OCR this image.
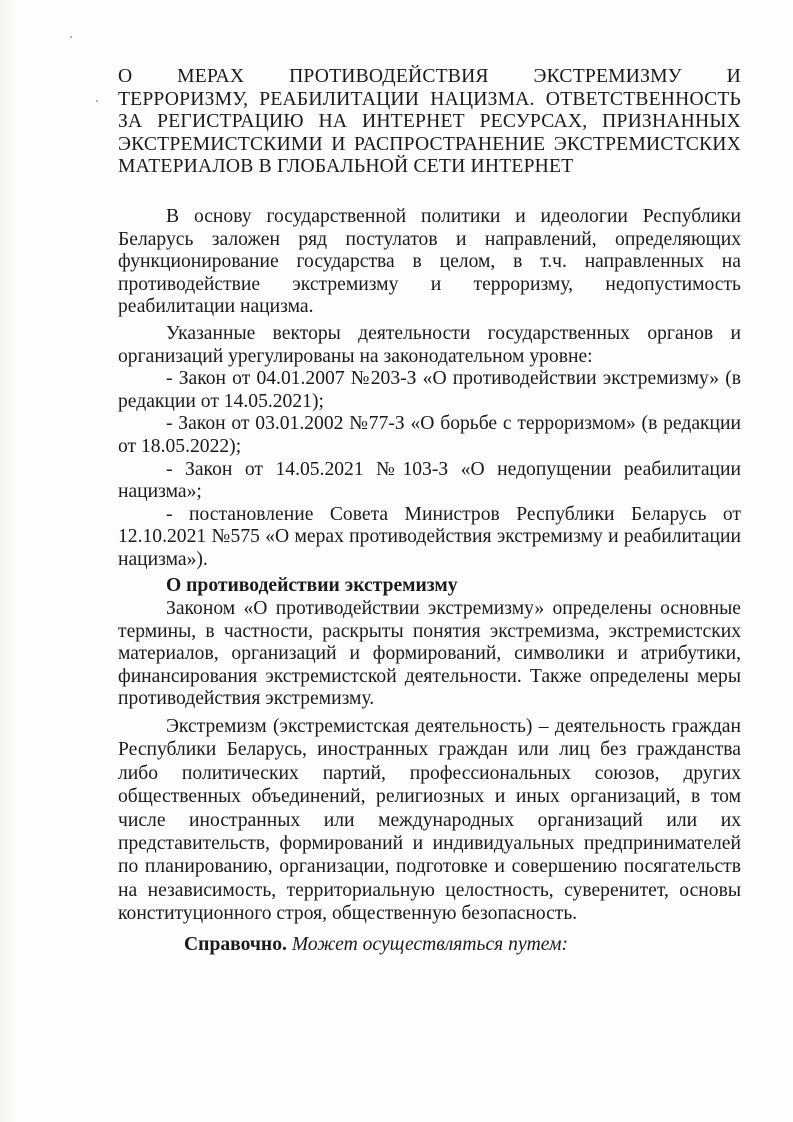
О МЕРАХ ПРОТИВОДЕЙСТВИЯ ЭКСТРЕМИЗМУ И
ТЕРРОРИЗМУ, РЕАБИЛИТАЦИИ НАЦИЗМА. ОТВЕТСТВЕННОСТЬ
ЗА РЕГИСТРАЦИЮ НА ИНТЕРНЕТ РЕСУРСАХ, ПРИЗНАННЫХ
ЭКСТРЕМИСТСКИМИ И РАСПРОСТРАНЕНИЕ ЭКСТРЕМИСТСКИХ
МАТЕРИАЛОВ В ГЛОБАЛЬНОЙ СЕТИ ИНТЕРНЕТ

В основу государственной политики и идеологии Республики Беларусь заложен ряд постулатов и направлений, определяющих функционирование государства в целом, в т.ч. направленных на противодействие экстремизму и терроризму, недопустимость реабилитации нацизма.

Указанные векторы деятельности государственных органов и организаций урегулированы на законодательном уровне:

- Закон от 04.01.2007 №203-З «О противодействии экстремизму» (в редакции от 14.05.2021);

- Закон от 03.01.2002 №77-З «О борьбе с терроризмом» (в редакции от 18.05.2022);

- Закон от 14.05.2021 №103-З «О недопущении реабилитации нацизма»;

- постановление Совета Министров Республики Беларусь от 12.10.2021 №575 «О мерах противодействия экстремизму и реабилитации нацизма»).

О противодействии экстремизму

Законом «О противодействии экстремизму» определены основные термины, в частности, раскрыты понятия экстремизма, экстремистских материалов, организаций и формирований, символики и атрибутики, финансирования экстремистской деятельности. Также определены меры противодействия экстремизму.

Экстремизм (экстремистская деятельность) – деятельность граждан Республики Беларусь, иностранных граждан или лиц без гражданства либо политических партий, профессиональных союзов, других общественных объединений, религиозных и иных организаций, в том числе иностранных или международных организаций или их представительств, формирований и индивидуальных предпринимателей по планированию, организации, подготовке и совершению посягательств на независимость, территориальную целостность, суверенитет, основы конституционного строя, общественную безопасность.

Справочно. Может осуществляться путем:
